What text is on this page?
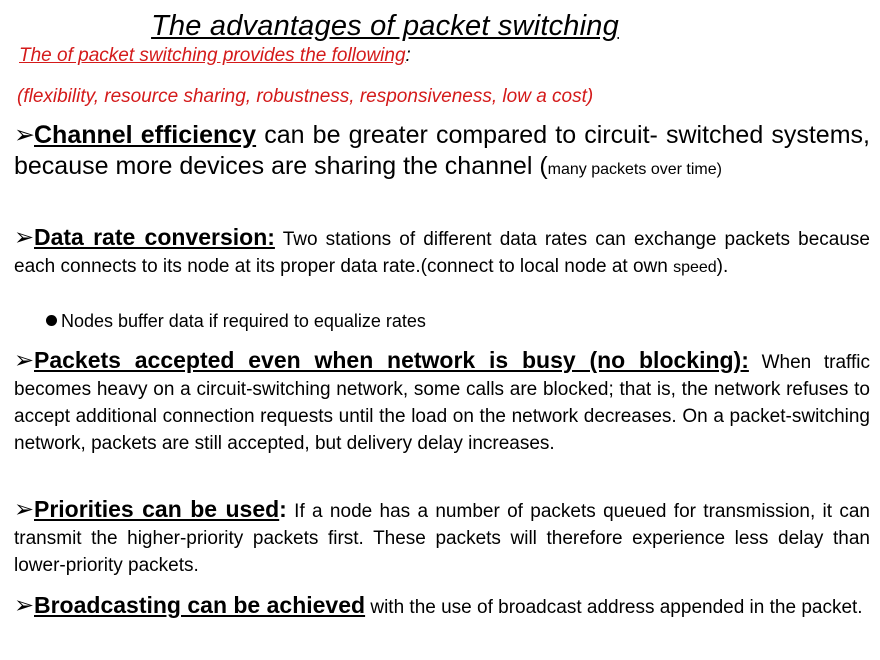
The advantages of packet switching
The of packet switching provides the following:
(flexibility, resource sharing, robustness, responsiveness, low a cost)

➢Channel efficiency can be greater compared to circuit- switched systems, because more devices are sharing the channel (many packets over time)

➢Data rate conversion: Two stations of different data rates can exchange packets because each connects to its node at its proper data rate.(connect to local node at own speed).

Nodes buffer data if required to equalize rates

➢Packets accepted even when network is busy (no blocking): When traffic becomes heavy on a circuit-switching network, some calls are blocked; that is, the network refuses to accept additional connection requests until the load on the network decreases. On a packet-switching network, packets are still accepted, but delivery delay increases.

➢Priorities can be used: If a node has a number of packets queued for transmission, it can transmit the higher-priority packets first. These packets will therefore experience less delay than lower-priority packets.

➢Broadcasting can be achieved with the use of broadcast address appended in the packet.
